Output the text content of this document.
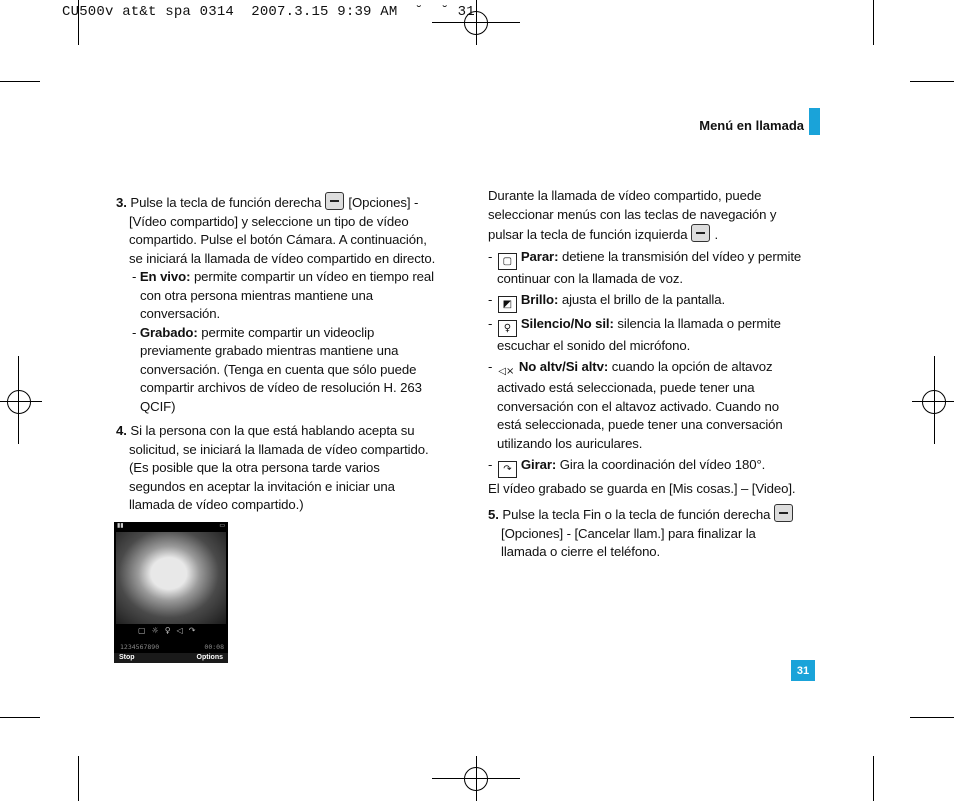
CU500v at&t spa 0314  2007.3.15 9:39 AM  ˘  ˘ 31
Menú en llamada
3. Pulse la tecla de función derecha [Opciones] -
[Vídeo compartido] y seleccione un tipo de vídeo
compartido. Pulse el botón Cámara. A continuación,
se iniciará la llamada de vídeo compartido en directo.
- En vivo: permite compartir un vídeo en tiempo real
con otra persona mientras mantiene una
conversación.
- Grabado: permite compartir un videoclip
previamente grabado mientras mantiene una
conversación. (Tenga en cuenta que sólo puede
compartir archivos de vídeo de resolución H. 263
QCIF)
4. Si la persona con la que está hablando acepta su
solicitud, se iniciará la llamada de vídeo compartido.
(Es posible que la otra persona tarde varios
segundos en aceptar la invitación e iniciar una
llamada de vídeo compartido.)
▮▮	▭
▢☼♀◁↷
1234567890	00:08
Stop	Options
Durante la llamada de vídeo compartido, puede
seleccionar menús con las teclas de navegación y
pulsar la tecla de función izquierda .
- ▢ Parar: detiene la transmisión del vídeo y permite
continuar con la llamada de voz.
- ◩ Brillo: ajusta el brillo de la pantalla.
- ♀ Silencio/No sil: silencia la llamada o permite
escuchar el sonido del micrófono.
- ◁× No altv/Si altv: cuando la opción de altavoz
activado está seleccionada, puede tener una
conversación con el altavoz activado. Cuando no
está seleccionada, puede tener una conversación
utilizando los auriculares.
- ↷ Girar: Gira la coordinación del vídeo 180°.
El vídeo grabado se guarda en [Mis cosas.] – [Video].
5. Pulse la tecla Fin o la tecla de función derecha
[Opciones] - [Cancelar llam.] para finalizar la
llamada o cierre el teléfono.
31
